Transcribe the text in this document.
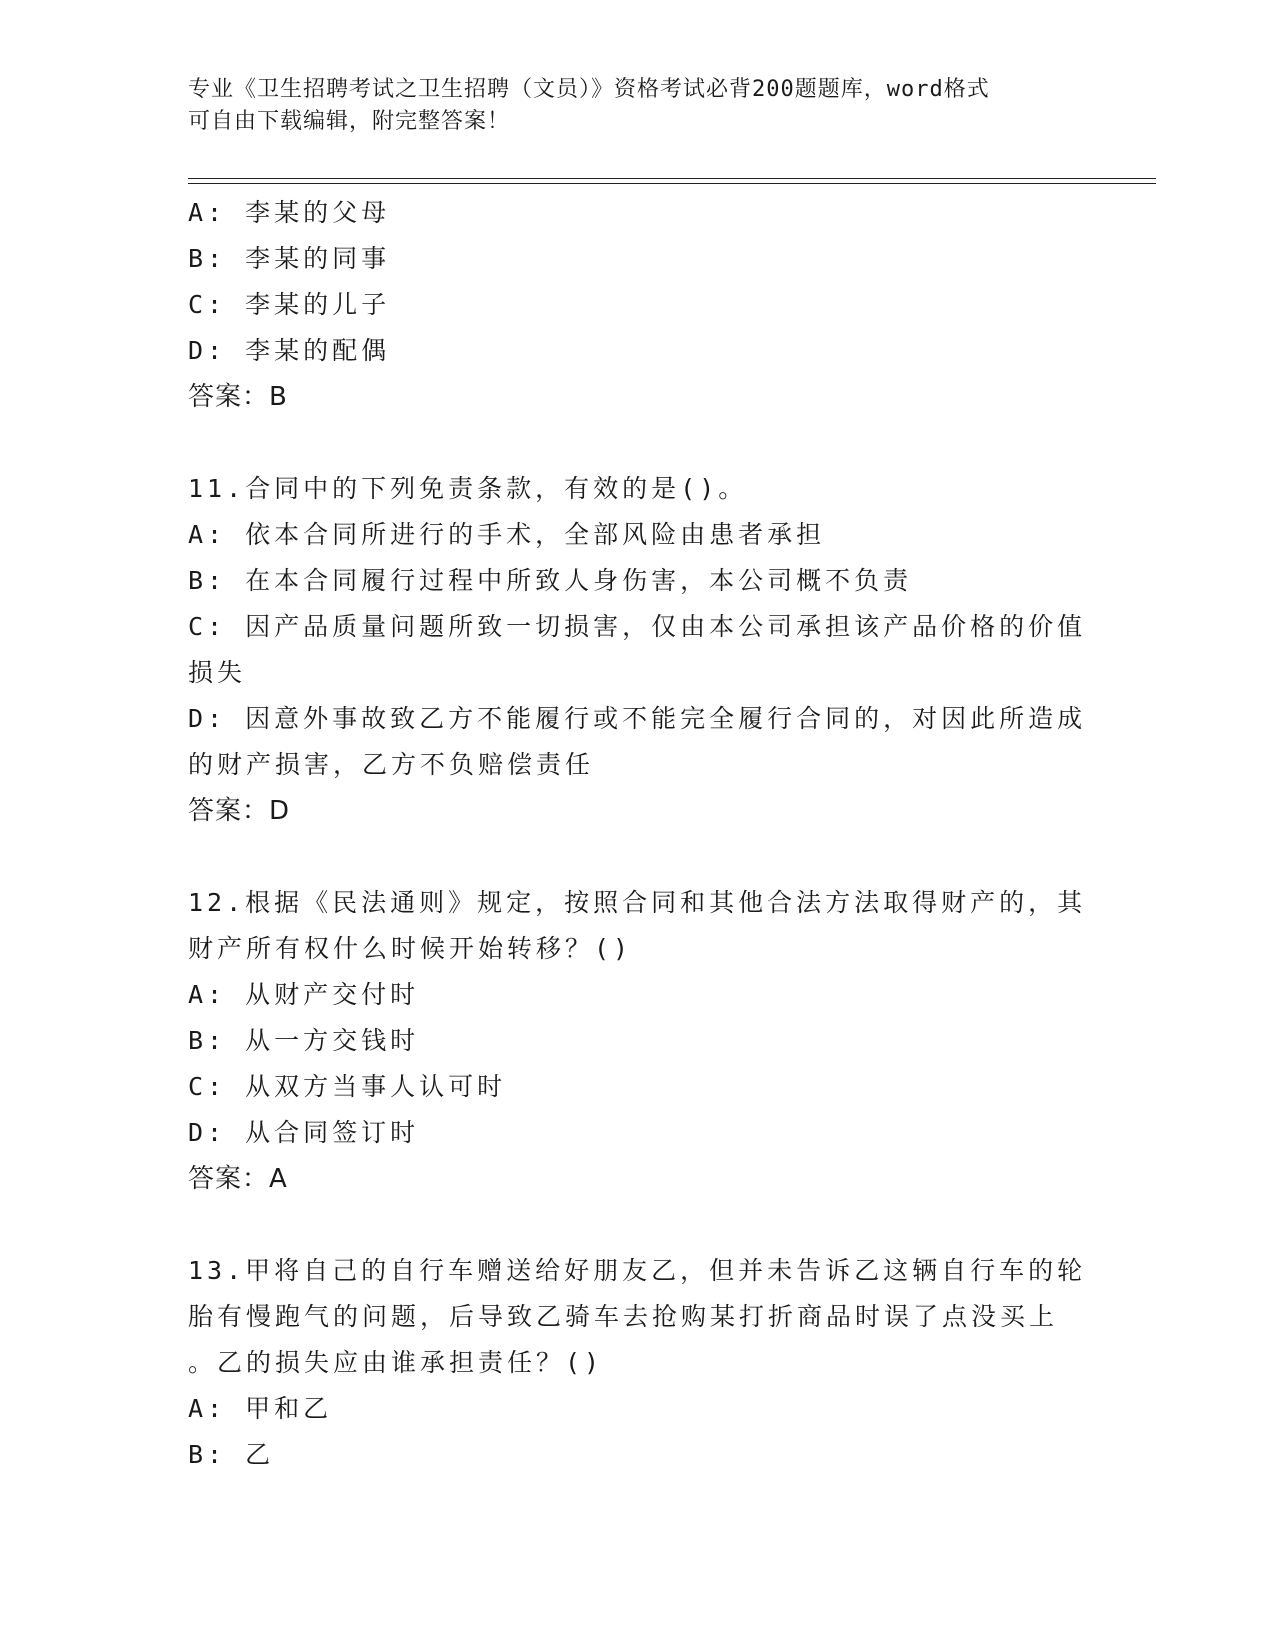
专业《卫生招聘考试之卫生招聘（文员）》资格考试必背200题题库，word格式
可自由下载编辑，附完整答案！
A: 李某的父母
B: 李某的同事
C: 李某的儿子
D: 李某的配偶
答案：B
11.合同中的下列免责条款，有效的是()。
A: 依本合同所进行的手术，全部风险由患者承担
B: 在本合同履行过程中所致人身伤害，本公司概不负责
C: 因产品质量问题所致一切损害，仅由本公司承担该产品价格的价值
损失
D: 因意外事故致乙方不能履行或不能完全履行合同的，对因此所造成
的财产损害，乙方不负赔偿责任
答案：D
12.根据《民法通则》规定，按照合同和其他合法方法取得财产的，其
财产所有权什么时候开始转移？()
A: 从财产交付时
B: 从一方交钱时
C: 从双方当事人认可时
D: 从合同签订时
答案：A
13.甲将自己的自行车赠送给好朋友乙，但并未告诉乙这辆自行车的轮
胎有慢跑气的问题，后导致乙骑车去抢购某打折商品时误了点没买上
。乙的损失应由谁承担责任？()
A: 甲和乙
B: 乙
